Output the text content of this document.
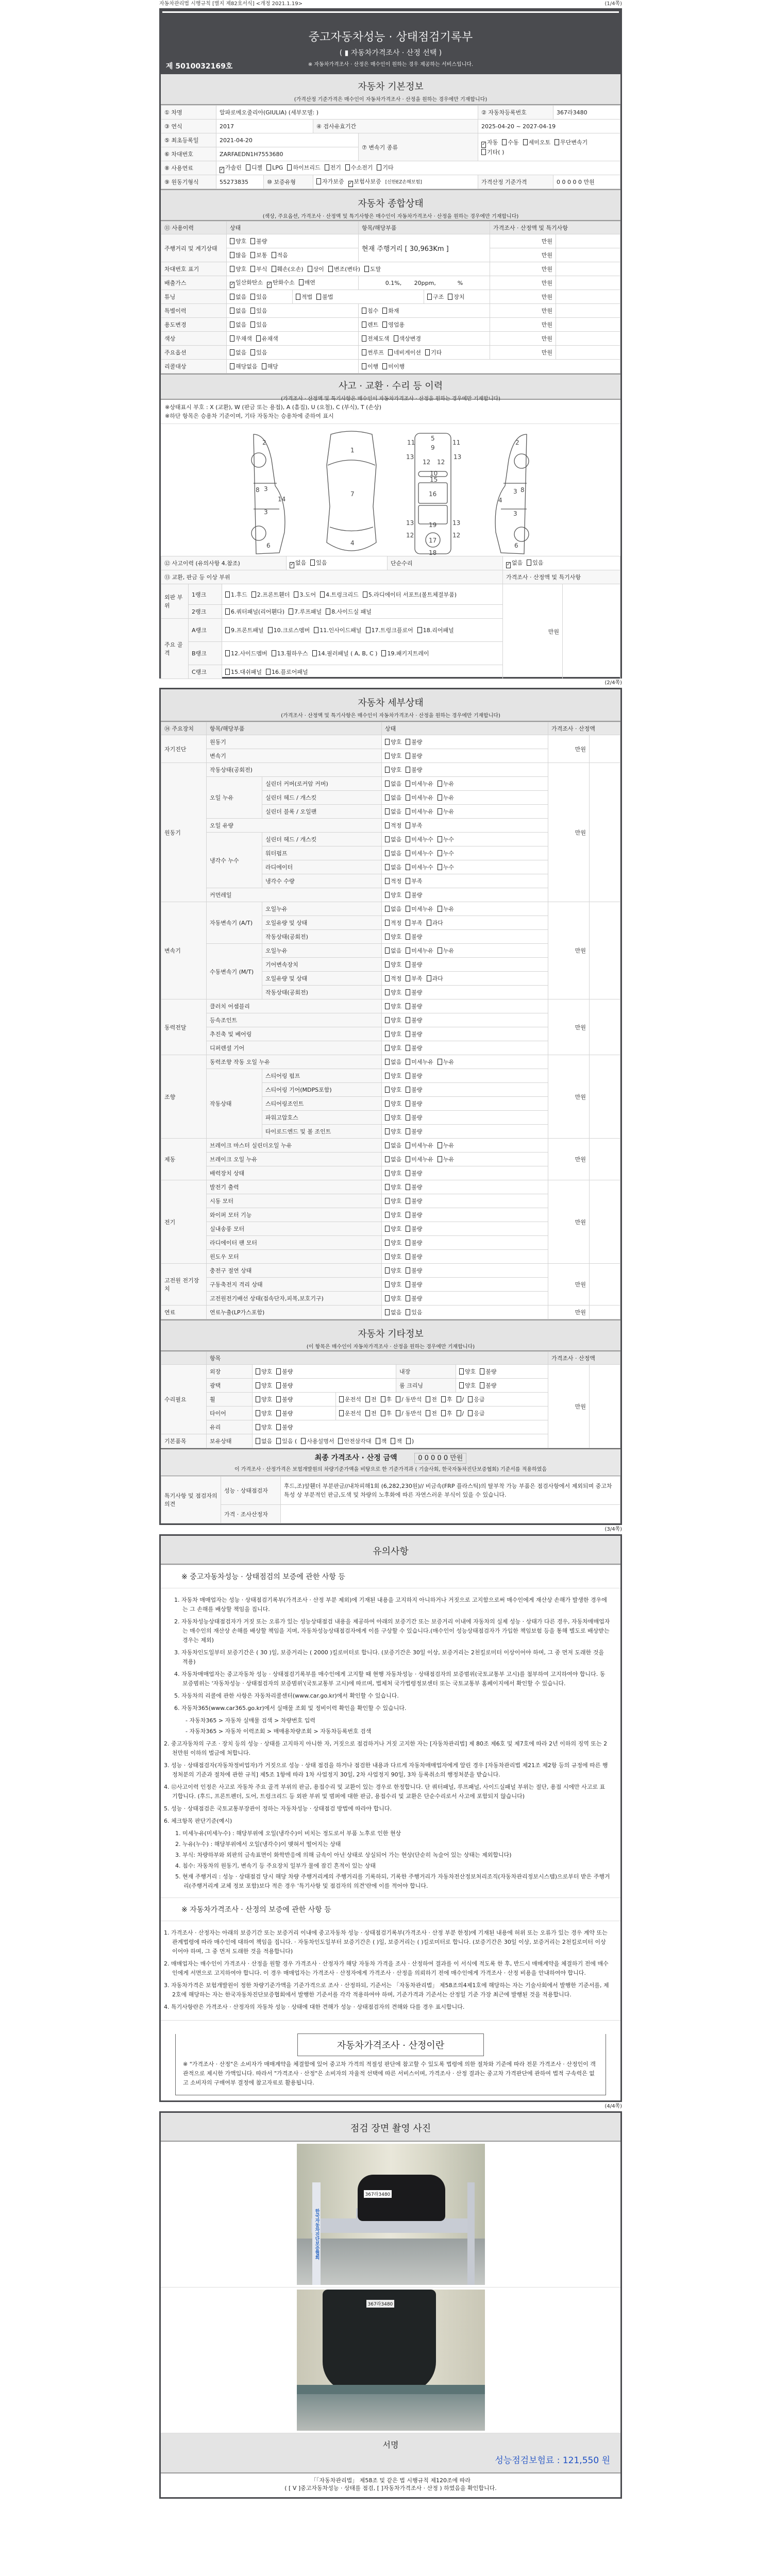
자동차관리법 시행규칙 [별지 제82호서식] <개정 2021.1.19>	(1/4쪽)
중고자동차성능 · 상태점검기록부
( ▮ 자동차가격조사 · 산정 선택 )
※ 자동차가격조사 · 산정은 매수인이 원하는 경우 제공하는 서비스입니다.
제 5010032169호
자동차 기본정보
(가격산정 기준가격은 매수인이 자동차가격조사 · 산정을 원하는 경우에만 기재합니다)
① 차명	알파로메오줄리아(GIULIA) (세부모델: )				② 자동차등록번호	367라3480
③ 연식	2017		④ 검사유효기간		2025-04-20 ~ 2027-04-19	
⑤ 최초등록일	2021-04-20			⑦ 변속기 종류	✓자동 수동 세미오토 무단변속기기타( )
⑥ 차대번호	ZARFAEDN1H7553680					
⑧ 사용연료	✓가솔린 디젤 LPG 하이브리드 전기 수소전기 기타
⑨ 원동기형식	55273835	⑩ 보증유형	자가보증 ✓ 보험사보증 [신한EZ손해보험]		가격산정 기준가격	0 0 0 0 0 만원
자동차 종합상태
(색상, 주요옵션, 가격조사 · 산정액 및 특기사항은 매수인이 자동차가격조사 · 산정을 원하는 경우에만 기재합니다)
⑪ 사용이력	상태		항목/해당부품		가격조사 · 산정액 및 특기사항	
주행거리 및 계기상태	양호 불량		현재 주행거리 [ 30,963Km ]		만원	
	많음 보통 적음				만원	
차대번호 표기	양호 부식 훼손(오손) 상이 변조(변타) 도말				만원	
배출가스	✓일산화탄소 ✓ 탄화수소 매연		0.1%,       20ppm,            %		만원	
튜닝	없음 있음	적법 불법		구조 장치	만원	
특별이력	없음 있음		침수 화재		만원	
용도변경	없음 있음		렌트 영업용		만원	
색상	무채색 유채색		전체도색 색상변경		만원	
주요옵션	없음 있음		썬루프 네비게이션 기타		만원	
리콜대상	해당없음 해당		이행 미이행			
사고 · 교환 · 수리 등 이력
(가격조사 · 산정액 및 특기사항은 매수인이 자동차가격조사 · 산정을 원하는 경우에만 기재합니다)
※상태표시 부호 : X (교환), W (판금 또는 용접), A (흠집), U (요철), C (부식), T (손상)
※하단 항목은 승용차 기준이며, 기타 자동차는 승용차에 준하여 표시
2
3
3
8
14
6
1
7
4
5
9
11	11
13	13
12 12
10
15
16
19
17
18
13	13
12	12
2
3
3
8
4
6
⑫ 사고이력 (유의사항 4.참조)	✓없음 있음	단순수리	✓없음 있음
⑬ 교환, 판금 등 이상 부위					가격조사 · 산정액 및 특기사항	
외판 부위	1랭크	1.후드 2.프론트휀더 3.도어 4.트렁크리드 5.라디에이터 서포트(볼트체결부품)			만원	
	2랭크	6.쿼터패널(리어휀다) 7.루프패널 8.사이드실 패널				
주요 골격	A랭크	9.프론트패널 10.크로스멤버 11.인사이드패널 17.트렁크플로어 18.리어패널				
	B랭크	12.사이드멤버 13.휠하우스 14.필러패널 ( A, B, C ) 19.패키지트레이				
	C랭크	15.대쉬패널 16.플로어패널				
(2/4쪽)
자동차 세부상태
(가격조사 · 산정액 및 특기사항은 매수인이 자동차가격조사 · 산정을 원하는 경우에만 기재합니다)
⑭ 주요장치	항목/해당부품		상태	가격조사 · 산정액	
자기진단	원동기		양호 불량	만원	
	변속기		양호 불량		
원동기	작동상태(공회전)		양호 불량	만원	
	오일 누유	실린더 커버(로커암 커버)	없음 미세누유 누유		
		실린더 헤드 / 개스킷	없음 미세누유 누유		
		실린더 블록 / 오일팬	없음 미세누유 누유		
	오일 유량		적정 부족		
	냉각수 누수	실린더 헤드 / 개스킷	없음 미세누수 누수		
		워터펌프	없음 미세누수 누수		
		라디에이터	없음 미세누수 누수		
		냉각수 수량	적정 부족		
	커먼레일		양호 불량		
변속기	자동변속기 (A/T)	오일누유	없음 미세누유 누유	만원	
		오일유량 및 상태	적정 부족 과다		
		작동상태(공회전)	양호 불량		
	수동변속기 (M/T)	오일누유	없음 미세누유 누유		
		기어변속장치	양호 불량		
		오일유량 및 상태	적정 부족 과다		
		작동상태(공회전)	양호 불량		
동력전달	클러치 어셈블리		양호 불량	만원	
	등속조인트		양호 불량		
	추진축 및 베어링		양호 불량		
	디퍼렌셜 기어		양호 불량		
조향	동력조향 작동 오일 누유		없음 미세누유 누유	만원	
	작동상태	스티어링 펌프	양호 불량		
		스티어링 기어(MDPS포함)	양호 불량		
		스티어링조인트	양호 불량		
		파워고압호스	양호 불량		
		타이로드엔드 및 볼 조인트	양호 불량		
제동	브레이크 마스터 실린더오일 누유		없음 미세누유 누유	만원	
	브레이크 오일 누유		없음 미세누유 누유		
	배력장치 상태		양호 불량		
전기	발전기 출력		양호 불량	만원	
	시동 모터		양호 불량		
	와이퍼 모터 기능		양호 불량		
	실내송풍 모터		양호 불량		
	라디에이터 팬 모터		양호 불량		
	윈도우 모터		양호 불량		
고전원 전기장치	충전구 절연 상태		양호 불량	만원	
	구동축전지 격리 상태		양호 불량		
	고전원전기배선 상태(접속단자,피복,보호기구)		양호 불량		
연료	연료누출(LP가스포함)		없음 있음	만원	
자동차 기타정보
(이 항목은 매수인이 자동차가격조사 · 산정을 원하는 경우에만 기재합니다)
	항목					가격조사 · 산정액	
수리필요	외장	양호 불량		내장	양호 불량	만원	
	광택	양호 불량		룸 크리닝	양호 불량		
	휠	양호 불량	운전석 전 후 / 동반석 전 후 / 응급				
	타이어	양호 불량	운전석 전 후 / 동반석 전 후 / 응급				
	유리	양호 불량					
기본품목	보유상태	없음 있음 ( 사용설명서 안전삼각대 잭 잭 )					
최종 가격조사 · 산정 금액	0 0 0 0 0 만원
이 가격조사 · 산정가격은 보험개발원의 차량기준가액을 비탕으로 한 기준가격과 ( 기술사회, 한국자동차진단보증협회) 기준서를 적용하였음
특기사항 및 점검자의 의견	성능 · 상태점검자	후드,조)앞휀더 부분판금//내차피해1회 (6,282,230원)// 비금속(FRP 플라스틱)의 탈부착 가능 부품은 점검사항에서 제외되며 중고차 특성 상 부분적인 판금,도색 및 차량의 노후화에 따른 자연스러운 부식이 있을 수 있습니다.
	가격 · 조사산정자	
(3/4쪽)
유의사항
※ 중고자동차성능 · 상태점검의 보증에 관한 사항 등
1. 자동차 매매업자는 성능 · 상태점검기록부(가격조사 · 산정 부분 제외)에 기재된 내용을 고지하지 아니하거나 거짓으로 고지함으로써 매수인에게 재산상 손해가 발생한 경우에는 그 손해를 배상할 책임을 집니다.
2. 자동차성능상태점검자가 거짓 또는 오류가 있는 성능상태점검 내용을 제공하여 아래의 보증기간 또는 보증거리 이내에 자동차의 실제 성능 · 상태가 다른 경우, 자동차매매업자는 매수인의 재산상 손해를 배상할 책임을 지며, 자동차성능상태점검자에게 이를 구상할 수 있습니다.(매수인이 성능상태점검자가 가입한 책임보험 등을 통해 별도로 배상받는 경우는 제외)
3. 자동차인도일부터 보증기간은 ( 30 )일, 보증거리는 ( 2000 )킬로미터로 합니다. (보증기간은 30일 이상, 보증거리는 2천킬로미터 이상이어야 하며, 그 중 먼저 도래한 것을 적용)
4. 자동차매매업자는 중고자동차 성능 · 상태점검기록부를 매수인에게 고지할 때 현행 자동차성능 · 상태점검자의 보증범위(국토교통부 고시)를 첨부하여 고지하여야 합니다. 동 보증범위는 '자동차성능 · 상태점검자의 보증범위'(국토교통부 고시)에 따르며, 법제처 국가법령정보센터 또는 국토교통부 홈페이지에서 확인할 수 있습니다.
5. 자동차의 리콜에 관한 사항은 자동차리콜센터(www.car.go.kr)에서 확인할 수 있습니다.
6. 자동차365(www.car365.go.kr)에서 실매물 조회 및 정비이력 확인을 확인할 수 있습니다.
- 자동차365 > 자동차 실매물 검색 > 차량번호 입력
- 자동차365 > 자동차 이력조회 > 매매용차량조회 > 자동차등록번호 검색
2. 중고자동차의 구조 · 장치 등의 성능 · 상태를 고지하지 아니한 자, 거짓으로 점검하거나 거짓 고지한 자는 [자동차관리법] 제 80조 제6호 및 제7호에 따라 2년 이하의 징역 또는 2천만원 이하의 벌금에 처합니다.
3. 성능 · 상태점검자(자동차정비업자)가 거짓으로 성능 · 상태 점검을 하거나 점검한 내용과 다르게 자동차매매업자에게 알린 경우 [자동차관리법 제21조 제2항 등의 규정에 따른 행정처분의 기준과 절차에 관한 규칙] 제5조 1항에 따라 1차 사업정지 30일, 2차 사업정지 90일, 3차 등록취소의 행정처분을 받습니다.
4. ⑫사고이력 인정은 사고로 자동차 주요 골격 부위의 판금, 용접수리 및 교환이 있는 경우로 한정합니다. 단 쿼터패널, 루프패널, 사이드실패널 부위는 절단, 용접 시에만 사고로 표기합니다. (후드, 프론트펜더, 도어, 트렁크리드 등 외판 부위 및 범퍼에 대한 판금, 용접수리 및 교환은 단순수리로서 사고에 포함되지 않습니다)
5. 성능 · 상태점검은 국토교통부장관이 정하는 자동차성능 · 상태점검 방법에 따라야 합니다.
6. 체크항목 판단기준(예시)
1. 미세누유(미세누수) : 해당부위에 오일(냉각수)이 비치는 정도로서 부품 노후로 인한 현상
2. 누유(누수) : 해당부위에서 오일(냉각수)이 맺혀서 떨어지는 상태
3. 부식: 차량하부와 외판의 금속표면이 화학반응에 의해 금속이 아닌 상태로 상실되어 가는 현상(단순히 녹슬어 있는 상태는 제외합니다)
4. 침수: 자동차의 원동기, 변속기 등 주요장치 일부가 물에 잠긴 흔적이 있는 상태
5. 현재 주행거리 : 성능 · 상태점검 당시 해당 차량 주행거리계의 주행거리를 기록하되, 기록한 주행거리가 자동차전산정보처리조직(자동차관리정보시스템)으로부터 받은 주행거리(주행거리계 교체 정보 포함)보다 적은 경우 '특기사항 및 점검자의 의견'란에 이를 적어야 합니다.
※ 자동차가격조사 · 산정의 보증에 관한 사항 등
1. 가격조사 · 산정자는 아래의 보증기간 또는 보증거리 이내에 중고자동차 성능 · 상태점검기록부(가격조사 · 산정 부분 한정)에 기재된 내용에 허위 또는 오류가 있는 경우 계약 또는 관계법령에 따라 매수인에 대하여 책임을 집니다. · 자동차인도일부터 보증기간은 ( )일, 보증거리는 ( )킬로미터로 합니다. (보증기간은 30일 이상, 보증거리는 2천킬로미터 이상이어야 하며, 그 중 먼저 도래한 것을 적용합니다)
2. 매매업자는 매수인이 가격조사 · 산정을 원할 경우 가격조사 · 산정자가 해당 자동차 가격을 조사 · 산정하여 결과를 이 서식에 적도록 한 후, 반드시 매매계약을 체결하기 전에 매수인에게 서면으로 고지하여야 합니다. 이 경우 매매업자는 가격조사 · 산정자에게 가격조사 · 산정을 의뢰하기 전에 매수인에게 가격조사 · 산정 비용을 안내하여야 합니다.
3. 자동차가격은 보험개발원이 정한 차량기준가액을 기준가격으로 조사 · 산정하되, 기준서는 「자동차관리법」 제58조의4제1호에 해당하는 자는 기술사회에서 발행한 기준서를, 제2호에 해당하는 자는 한국자동차진단보증협회에서 발행한 기준서를 각각 적용하여야 하며, 기준가격과 기준서는 산정일 기준 가장 최근에 발행된 것을 적용합니다.
4. 특기사항란은 가격조사 · 산정자의 자동차 성능 · 상태에 대한 견해가 성능 · 상태점검자의 견해와 다를 경우 표시합니다.
자동차가격조사 · 산정이란

※ "가격조사 · 산정"은 소비자가 매매계약을 체결함에 있어 중고차 가격의 적절성 판단에 참고할 수 있도록 법령에 의한 절차와 기준에 따라 전문 가격조사 · 산정인이 객관적으로 제시한 가액입니다. 따라서 "가격조사 · 산정"은 소비자의 자율적 선택에 따른 서비스이며, 가격조사 · 산정 결과는 중고차 가격판단에 관하여 법적 구속력은 없고 소비자의 구매여부 결정에 참고자료로 활용됩니다.

(4/4쪽)
점검 장면 촬영 사진
367라3480
한국자동차진단보증협회
367라3480
서명
성능점검보험료 : 121,550 원
「「자동차관리법」 제58조 및 같은 법 시행규칙 제120조에 따라
( [ V ]중고자동차성능 · 상태를 점검, [ ]자동차가격조사 · 산정 ) 하였음을 확인합니다.
